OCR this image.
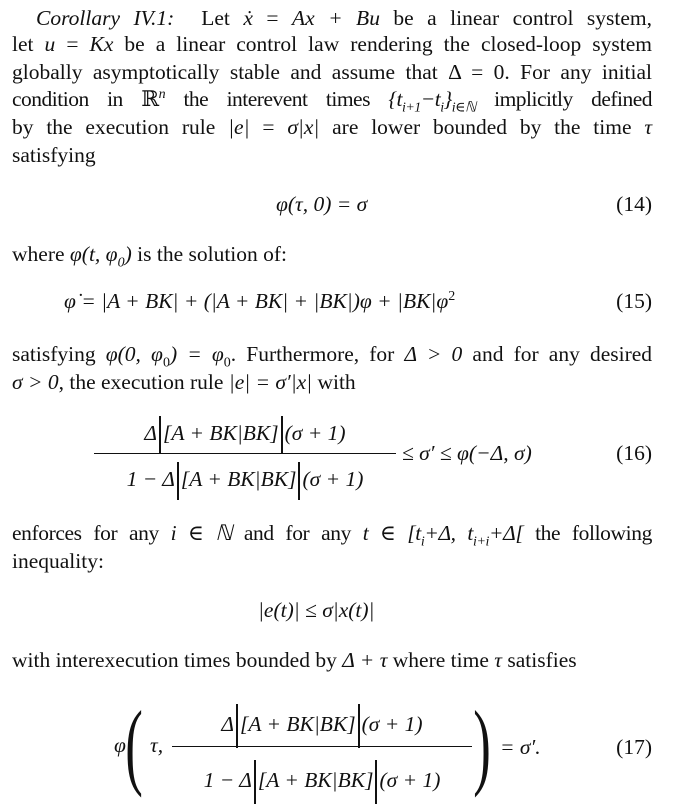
Corollary IV.1: Let ẋ = Ax + Bu be a linear control system,
let u = Kx be a linear control law rendering the closed-loop system
globally asymptotically stable and assume that Δ = 0. For any initial
condition in ℝ$^n$ the interevent times $\{t_{i+1}-t_i\}_{i\in ℕ}$ implicitly defined
by the execution rule |e| = σ|x| are lower bounded by the time τ
satisfying
φ(τ, 0) = σ	(14)
where φ(t, $\varphi_0$) is the solution of:
φ̇ = $|A + BK| + (|A + BK| + |BK|)\varphi + |BK|\varphi^2$	(15)
satisfying φ(0, $\varphi_0) = \varphi_0$. Furthermore, for Δ > 0 and for any desired
σ > 0, the execution rule |e| = σ′|x| with
Δ [A + BK|BK] (σ + 1)
1 − Δ [A + BK|BK] (σ + 1)
≤ σ′ ≤ φ(−Δ, σ)	(16)
enforces for any i ∈ ℕ and for any t ∈ [$t_i+\Delta$, $t_{i+i}+\Delta$[ the following
inequality:
|e(t)| ≤ σ|x(t)|
with interexecution times bounded by Δ + τ where time τ satisfies
φ ( τ,
Δ [A + BK|BK] (σ + 1)
1 − Δ [A + BK|BK] (σ + 1) ) = σ′.	(17)
